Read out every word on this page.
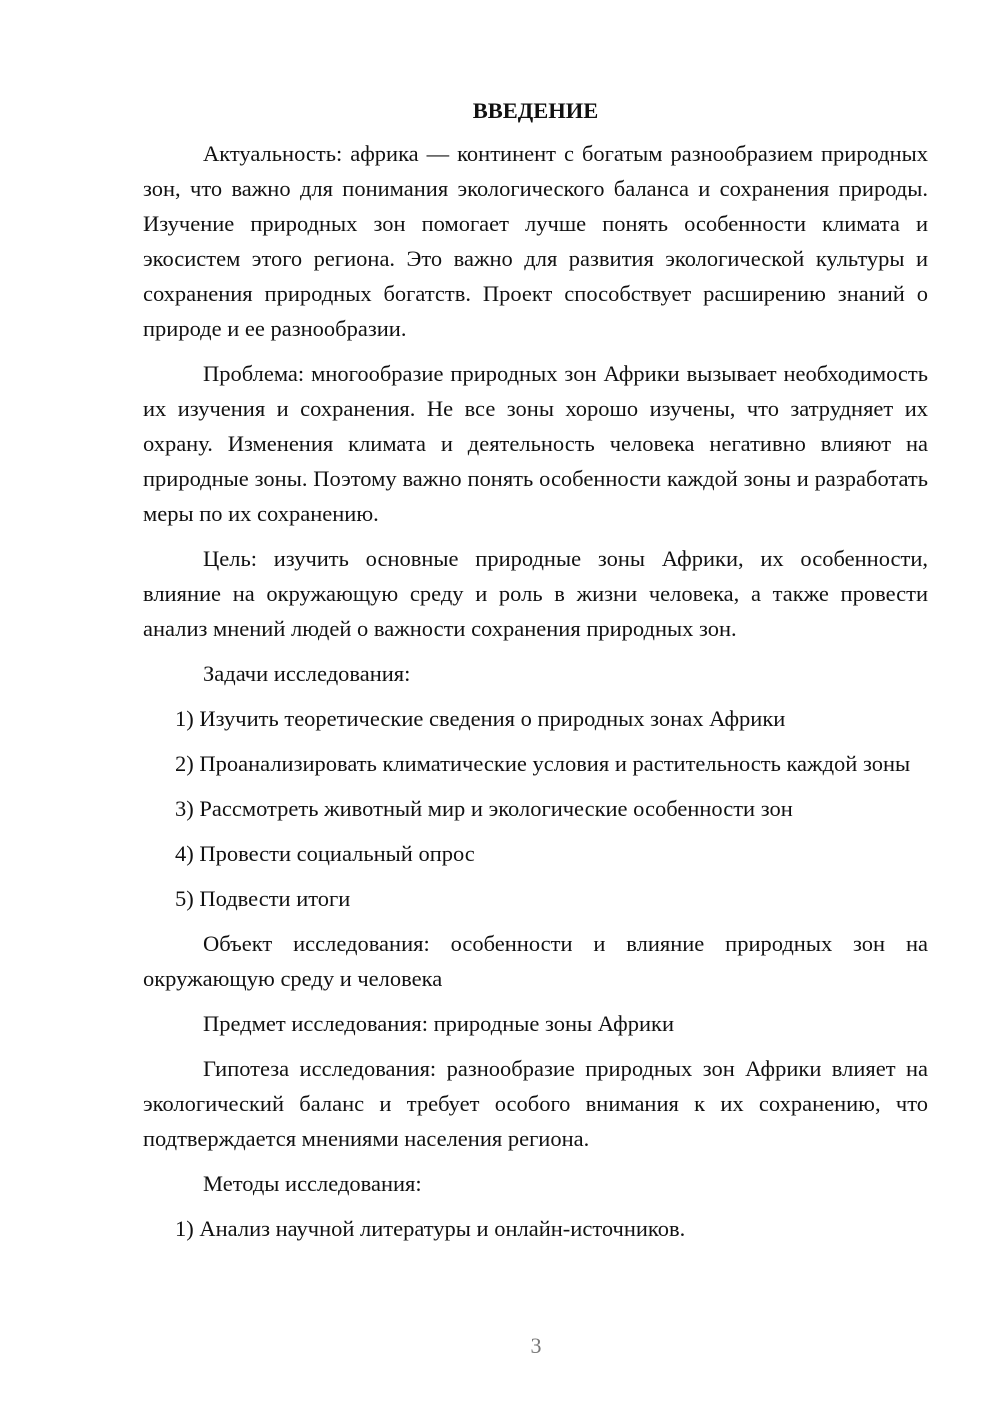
ВВЕДЕНИЕ

Актуальность: африка — континент с богатым разнообразием природных зон, что важно для понимания экологического баланса и сохранения природы. Изучение природных зон помогает лучше понять особенности климата и экосистем этого региона. Это важно для развития экологической культуры и сохранения природных богатств. Проект способствует расширению знаний о природе и ее разнообразии.

Проблема: многообразие природных зон Африки вызывает необходимость их изучения и сохранения. Не все зоны хорошо изучены, что затрудняет их охрану. Изменения климата и деятельность человека негативно влияют на природные зоны. Поэтому важно понять особенности каждой зоны и разработать меры по их сохранению.

Цель: изучить основные природные зоны Африки, их особенности, влияние на окружающую среду и роль в жизни человека, а также провести анализ мнений людей о важности сохранения природных зон.

Задачи исследования:

1) Изучить теоретические сведения о природных зонах Африки

2) Проанализировать климатические условия и растительность каждой зоны

3) Рассмотреть животный мир и экологические особенности зон

4) Провести социальный опрос

5) Подвести итоги

Объект исследования: особенности и влияние природных зон на окружающую среду и человека

Предмет исследования: природные зоны Африки

Гипотеза исследования: разнообразие природных зон Африки влияет на экологический баланс и требует особого внимания к их сохранению, что подтверждается мнениями населения региона.

Методы исследования:

1) Анализ научной литературы и онлайн-источников.

3
